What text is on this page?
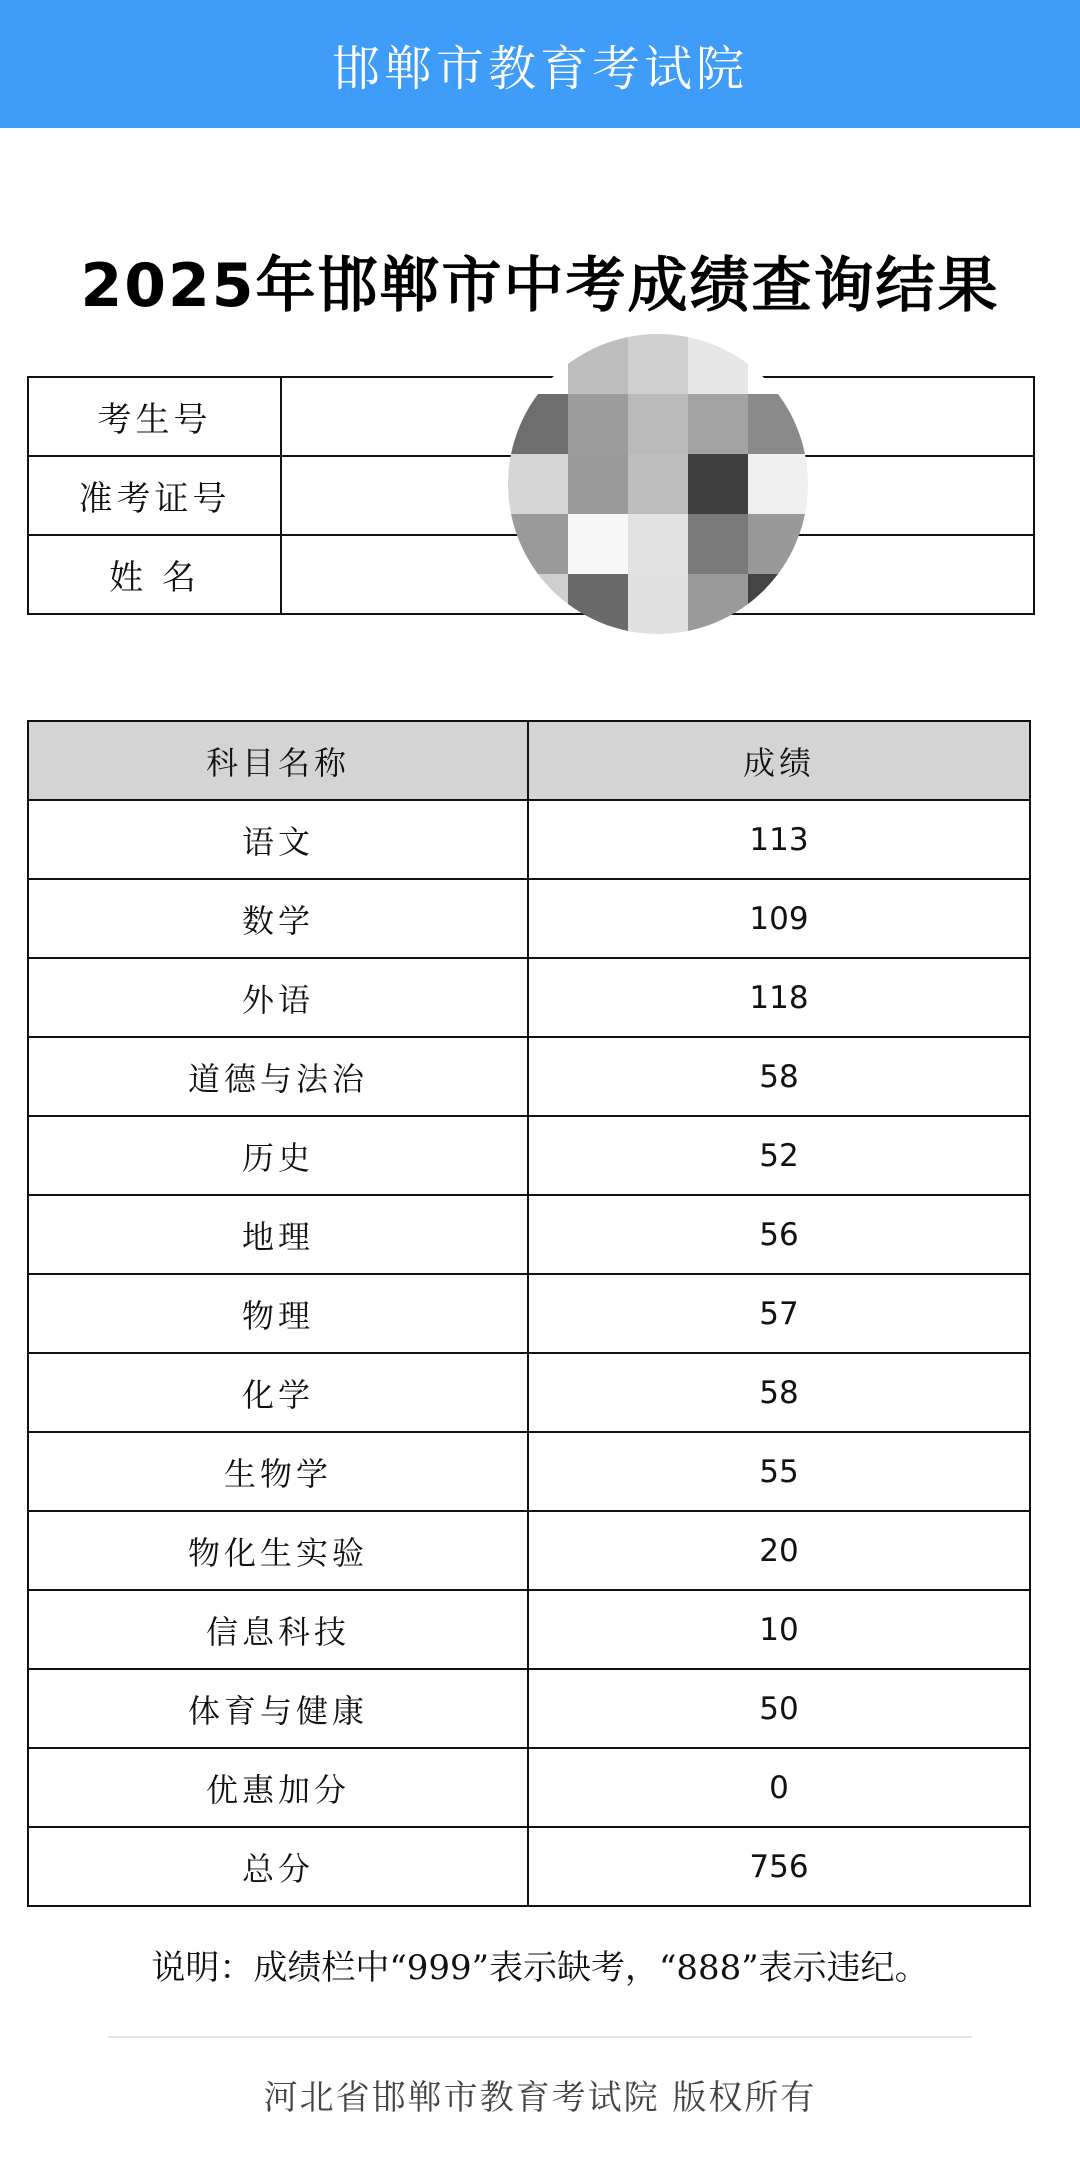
邯郸市教育考试院
2025年邯郸市中考成绩查询结果
考生号	
准考证号	
姓 名	
科目名称	成绩
语文	113
数学	109
外语	118
道德与法治	58
历史	52
地理	56
物理	57
化学	58
生物学	55
物化生实验	20
信息科技	10
体育与健康	50
优惠加分	0
总分	756
说明：成绩栏中“999”表示缺考，“888”表示违纪。
河北省邯郸市教育考试院 版权所有
